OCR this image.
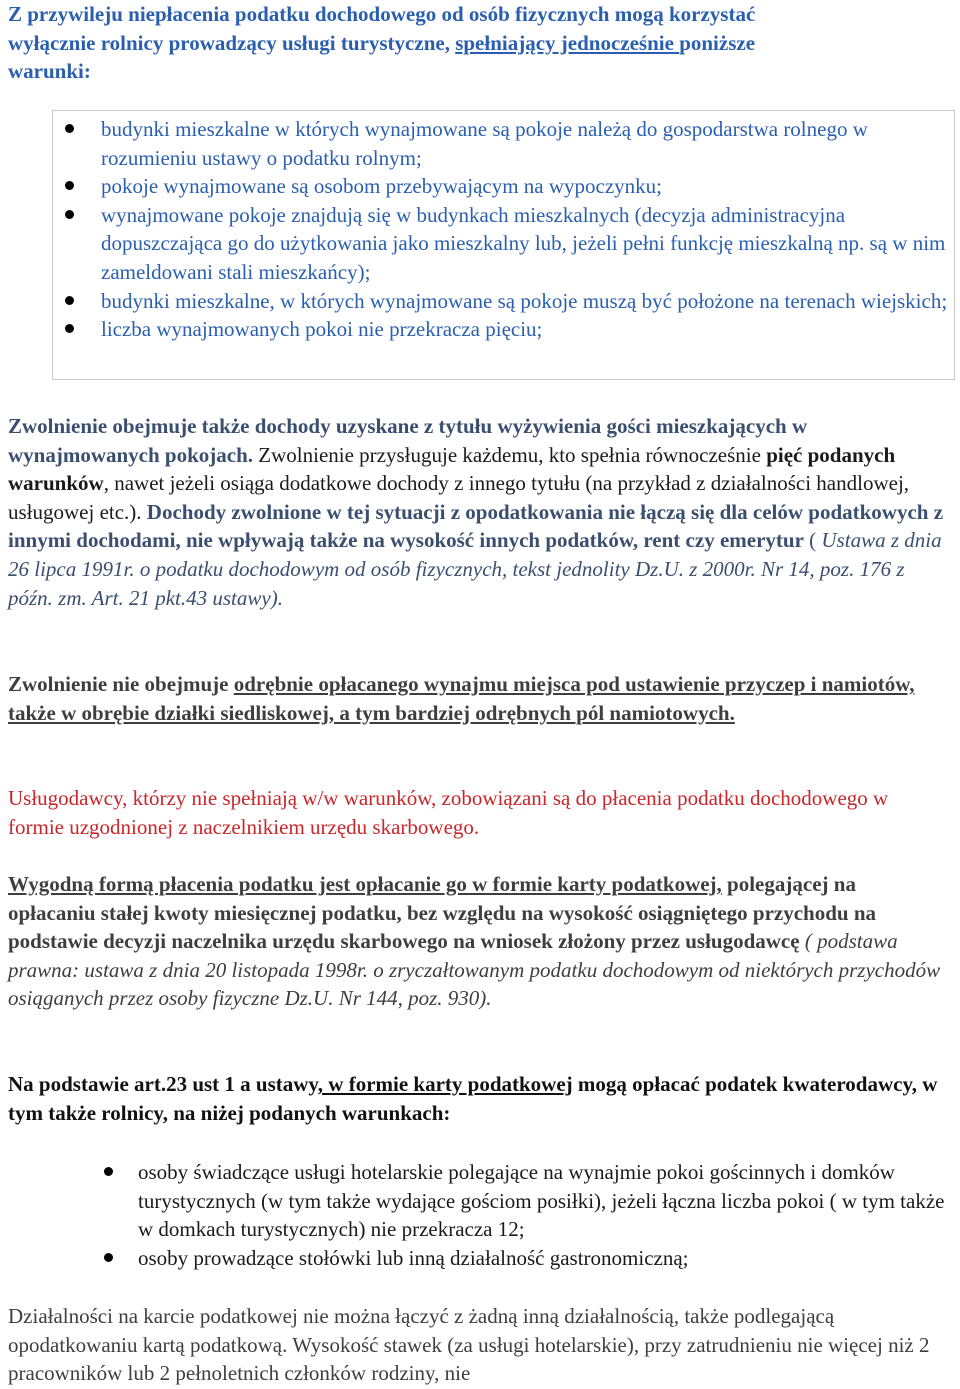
Z przywileju niepłacenia podatku dochodowego od osób fizycznych mogą korzystać
wyłącznie rolnicy prowadzący usługi turystyczne, spełniający jednocześnie poniższe
warunki:

budynki mieszkalne w których wynajmowane są pokoje należą do gospodarstwa rolnego w rozumieniu ustawy o podatku rolnym;
pokoje wynajmowane są osobom przebywającym na wypoczynku;
wynajmowane pokoje znajdują się w budynkach mieszkalnych (decyzja administracyjna dopuszczająca go do użytkowania jako mieszkalny lub, jeżeli pełni funkcję mieszkalną np. są w nim zameldowani stali mieszkańcy);
budynki mieszkalne, w których wynajmowane są pokoje muszą być położone na terenach wiejskich;
liczba wynajmowanych pokoi nie przekracza pięciu;

Zwolnienie obejmuje także dochody uzyskane z tytułu wyżywienia gości mieszkających w wynajmowanych pokojach. Zwolnienie przysługuje każdemu, kto spełnia równocześnie pięć podanych warunków, nawet jeżeli osiąga dodatkowe dochody z innego tytułu (na przykład z działalności handlowej, usługowej etc.). Dochody zwolnione w tej sytuacji z opodatkowania nie łączą się dla celów podatkowych z innymi dochodami, nie wpływają także na wysokość innych podatków, rent czy emerytur ( Ustawa z dnia 26 lipca 1991r. o podatku dochodowym od osób fizycznych, tekst jednolity Dz.U. z 2000r. Nr 14, poz. 176 z późn. zm. Art. 21 pkt.43 ustawy).

Zwolnienie nie obejmuje odrębnie opłacanego wynajmu miejsca pod ustawienie przyczep i namiotów, także w obrębie działki siedliskowej, a tym bardziej odrębnych pól namiotowych.

Usługodawcy, którzy nie spełniają w/w warunków, zobowiązani są do płacenia podatku dochodowego w formie uzgodnionej z naczelnikiem urzędu skarbowego.

Wygodną formą płacenia podatku jest opłacanie go w formie karty podatkowej, polegającej na opłacaniu stałej kwoty miesięcznej podatku, bez względu na wysokość osiągniętego przychodu na podstawie decyzji naczelnika urzędu skarbowego na wniosek złożony przez usługodawcę ( podstawa prawna: ustawa z dnia 20 listopada 1998r. o zryczałtowanym podatku dochodowym od niektórych przychodów osiąganych przez osoby fizyczne Dz.U. Nr 144, poz. 930).

Na podstawie art.23 ust 1 a ustawy, w formie karty podatkowej mogą opłacać podatek kwaterodawcy, w tym także rolnicy, na niżej podanych warunkach:

osoby świadczące usługi hotelarskie polegające na wynajmie pokoi gościnnych i domków turystycznych (w tym także wydające gościom posiłki), jeżeli łączna liczba pokoi ( w tym także w domkach turystycznych) nie przekracza 12;
osoby prowadzące stołówki lub inną działalność gastronomiczną;

Działalności na karcie podatkowej nie można łączyć z żadną inną działalnością, także podlegającą opodatkowaniu kartą podatkową. Wysokość stawek (za usługi hotelarskie), przy zatrudnieniu nie więcej niż 2 pracowników lub 2 pełnoletnich członków rodziny, nie
